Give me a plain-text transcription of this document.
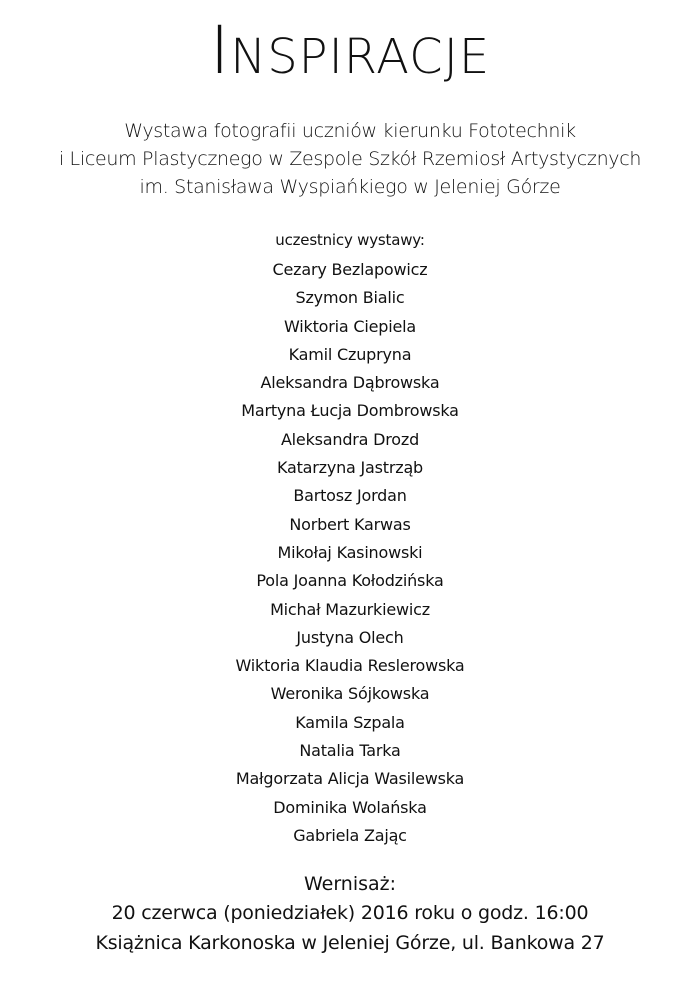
INSPIRACJE
Wystawa fotografii uczniów kierunku Fototechnik
i Liceum Plastycznego w Zespole Szkół Rzemiosł Artystycznych
im. Stanisława Wyspiańkiego w Jeleniej Górze
uczestnicy wystawy:
Cezary Bezlapowicz
Szymon Bialic
Wiktoria Ciepiela
Kamil Czupryna
Aleksandra Dąbrowska
Martyna Łucja Dombrowska
Aleksandra Drozd
Katarzyna Jastrząb
Bartosz Jordan
Norbert Karwas
Mikołaj Kasinowski
Pola Joanna Kołodzińska
Michał Mazurkiewicz
Justyna Olech
Wiktoria Klaudia Reslerowska
Weronika Sójkowska
Kamila Szpala
Natalia Tarka
Małgorzata Alicja Wasilewska
Dominika Wolańska
Gabriela Zając
Wernisaż:
20 czerwca (poniedziałek) 2016 roku o godz. 16:00
Książnica Karkonoska w Jeleniej Górze, ul. Bankowa 27
